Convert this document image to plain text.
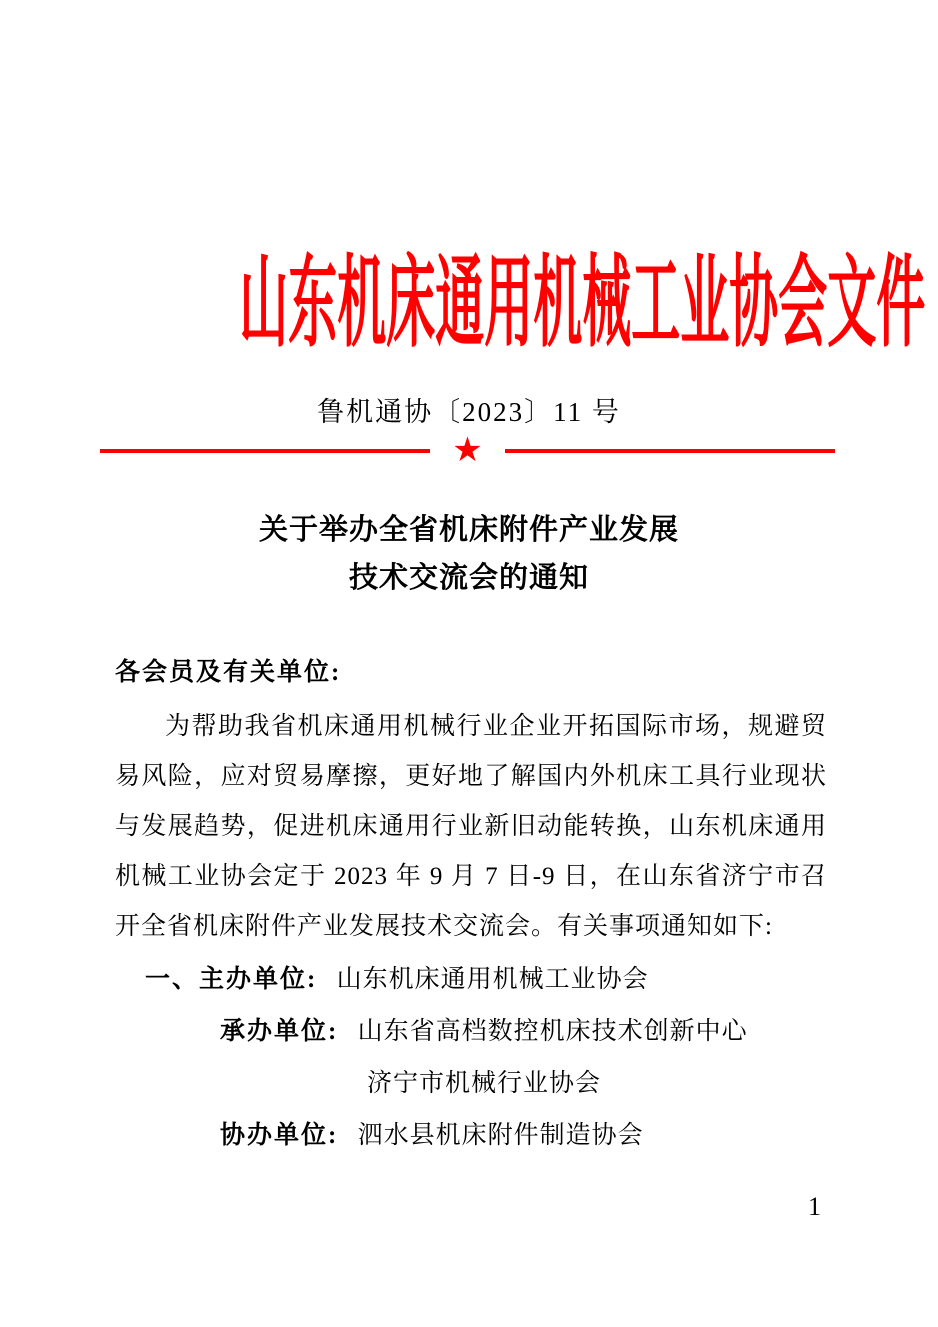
山东机床通用机械工业协会文件
鲁机通协〔2023〕11 号
★
关于举办全省机床附件产业发展
技术交流会的通知
各会员及有关单位:

为帮助我省机床通用机械行业企业开拓国际市场，规避贸易风险，应对贸易摩擦，更好地了解国内外机床工具行业现状与发展趋势，促进机床通用行业新旧动能转换，山东机床通用机械工业协会定于 2023 年 9 月 7 日-9 日，在山东省济宁市召开全省机床附件产业发展技术交流会。有关事项通知如下:

一、主办单位: 山东机床通用机械工业协会
承办单位: 山东省高档数控机床技术创新中心
济宁市机械行业协会
协办单位: 泗水县机床附件制造协会
1
